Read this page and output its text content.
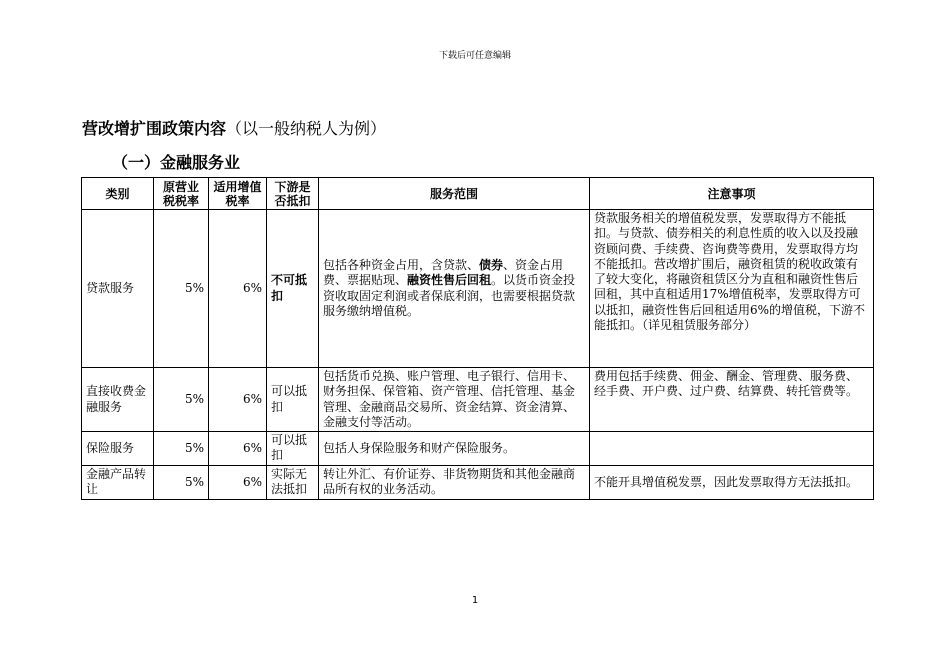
下载后可任意编辑
营改增扩围政策内容（以一般纳税人为例）
（一）金融服务业
类别	原营业税税率	适用增值税率	下游是否抵扣	服务范围	注意事项
贷款服务	5%	6%	不可抵扣	包括各种资金占用，含贷款、债券、资金占用费、票据贴现、融资性售后回租。以货币资金投资收取固定利润或者保底利润，也需要根据贷款服务缴纳增值税。	贷款服务相关的增值税发票，发票取得方不能抵扣。与贷款、债券相关的利息性质的收入以及投融资顾问费、手续费、咨询费等费用，发票取得方均不能抵扣。营改增扩围后，融资租赁的税收政策有了较大变化，将融资租赁区分为直租和融资性售后回租，其中直租适用17%增值税率，发票取得方可以抵扣，融资性售后回租适用6%的增值税，下游不能抵扣。（详见租赁服务部分）
直接收费金融服务	5%	6%	可以抵扣	包括货币兑换、账户管理、电子银行、信用卡、财务担保、保管箱、资产管理、信托管理、基金管理、金融商品交易所、资金结算、资金清算、金融支付等活动。	费用包括手续费、佣金、酬金、管理费、服务费、经手费、开户费、过户费、结算费、转托管费等。
保险服务	5%	6%	可以抵扣	包括人身保险服务和财产保险服务。	
金融产品转让	5%	6%	实际无法抵扣	转让外汇、有价证券、非货物期货和其他金融商品所有权的业务活动。	不能开具增值税发票，因此发票取得方无法抵扣。
1
